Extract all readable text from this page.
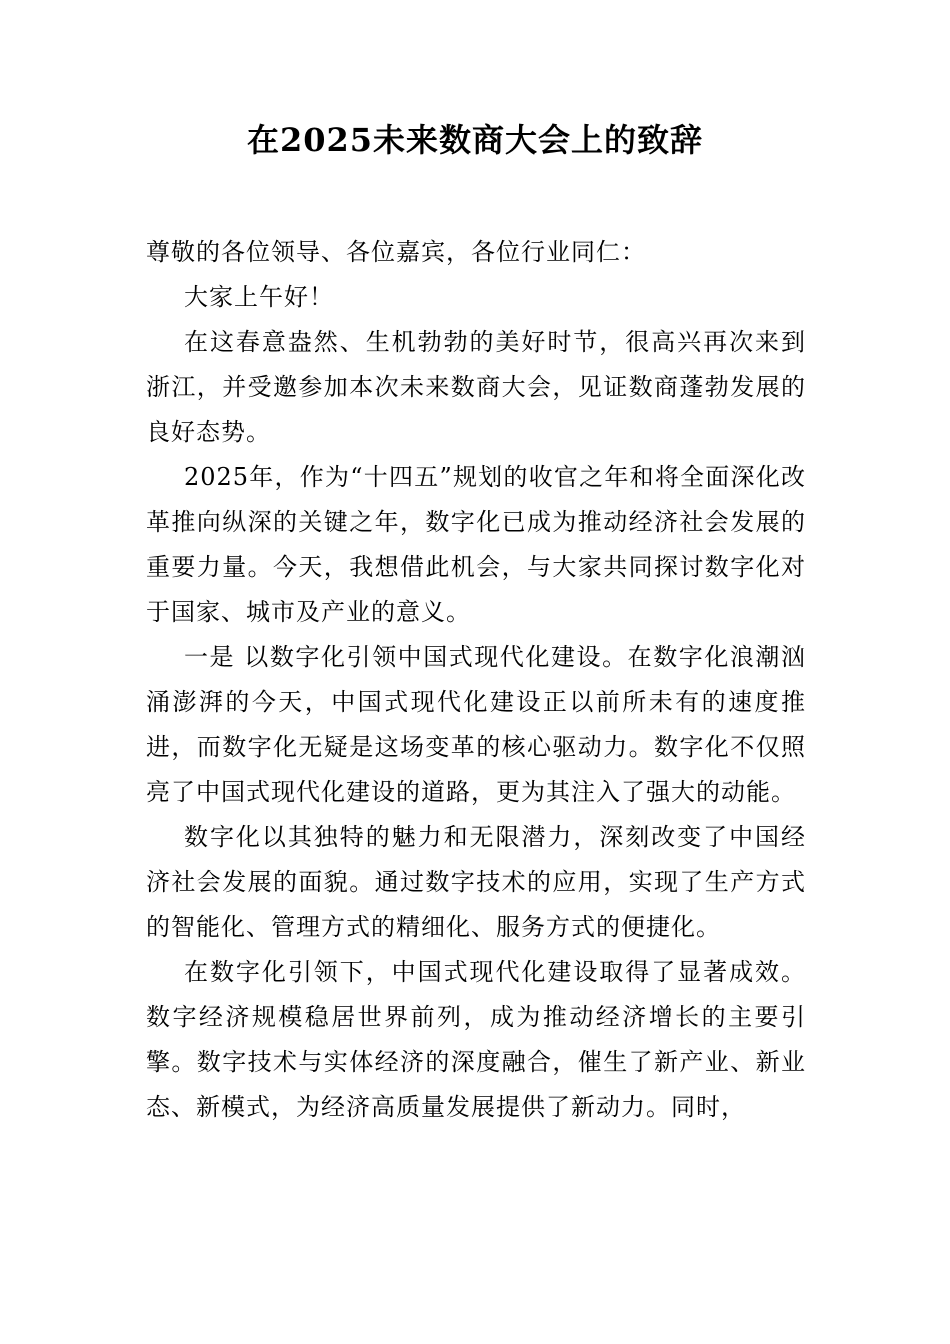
在2025未来数商大会上的致辞

尊敬的各位领导、各位嘉宾，各位行业同仁：

大家上午好！

在这春意盎然、生机勃勃的美好时节，很高兴再次来到浙江，并受邀参加本次未来数商大会，见证数商蓬勃发展的良好态势。

2025年，作为“十四五”规划的收官之年和将全面深化改革推向纵深的关键之年，数字化已成为推动经济社会发展的重要力量。今天，我想借此机会，与大家共同探讨数字化对于国家、城市及产业的意义。

一是 以数字化引领中国式现代化建设。在数字化浪潮汹涌澎湃的今天，中国式现代化建设正以前所未有的速度推进，而数字化无疑是这场变革的核心驱动力。数字化不仅照亮了中国式现代化建设的道路，更为其注入了强大的动能。

数字化以其独特的魅力和无限潜力，深刻改变了中国经济社会发展的面貌。通过数字技术的应用，实现了生产方式的智能化、管理方式的精细化、服务方式的便捷化。

在数字化引领下，中国式现代化建设取得了显著成效。数字经济规模稳居世界前列，成为推动经济增长的主要引擎。数字技术与实体经济的深度融合，催生了新产业、新业态、新模式，为经济高质量发展提供了新动力。同时，
